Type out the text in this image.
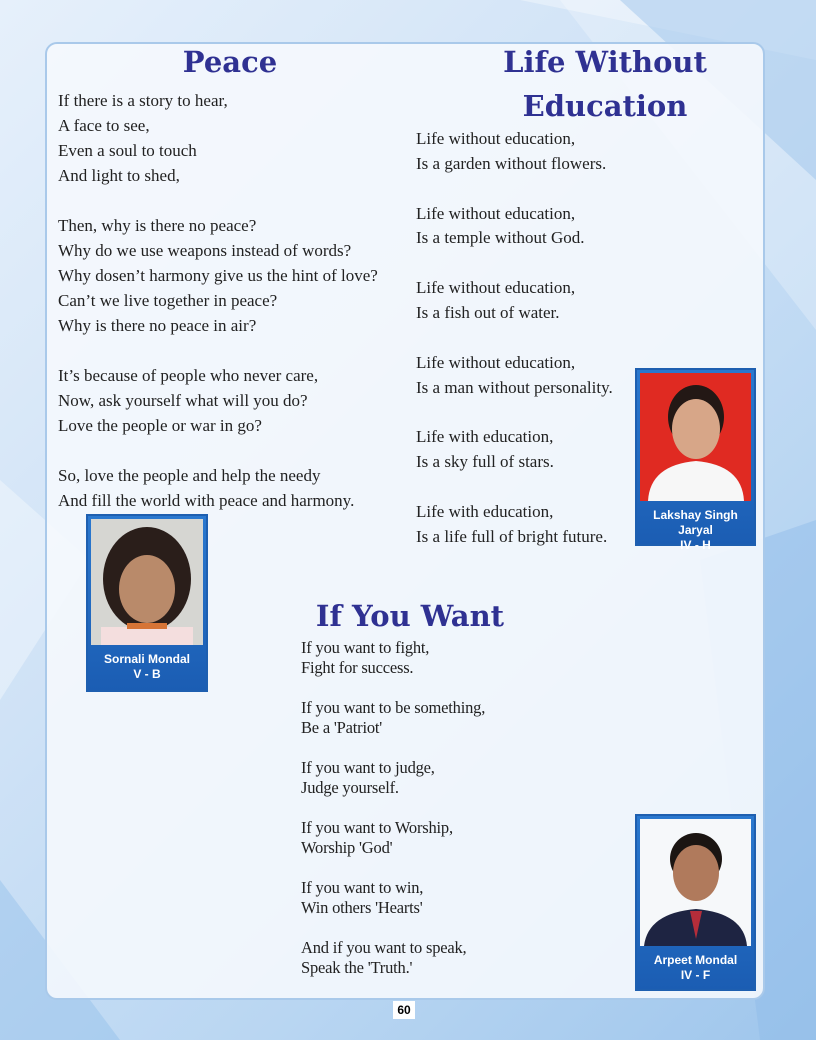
Peace
If there is a story to hear,
A face to see,
Even a soul to touch
And light to shed,
Then, why is there no peace?
Why do we use weapons instead of words?
Why dosen’t harmony give us the hint of love?
Can’t we live together in peace?
Why is there no peace in air?
It’s because of people who never care,
Now, ask yourself what will you do?
Love the people or war in go?
So, love the people and help the needy
And fill the world with peace and harmony.
Life Without
Education
Life without education,
Is a garden without flowers.
Life without education,
Is a temple without God.
Life without education,
Is a fish out of water.
Life without education,
Is a man without personality.
Life with education,
Is a sky full of stars.
Life with education,
Is a life full of bright future.
If You Want
If you want to fight,
Fight for success.
If you want to be something,
Be a 'Patriot'
If you want to judge,
Judge yourself.
If you want to Worship,
Worship 'God'
If you want to win,
Win others 'Hearts'
And if you want to speak,
Speak the 'Truth.'
Sornali Mondal
V - B
Lakshay Singh Jaryal
IV - H
Arpeet Mondal
IV - F
60
